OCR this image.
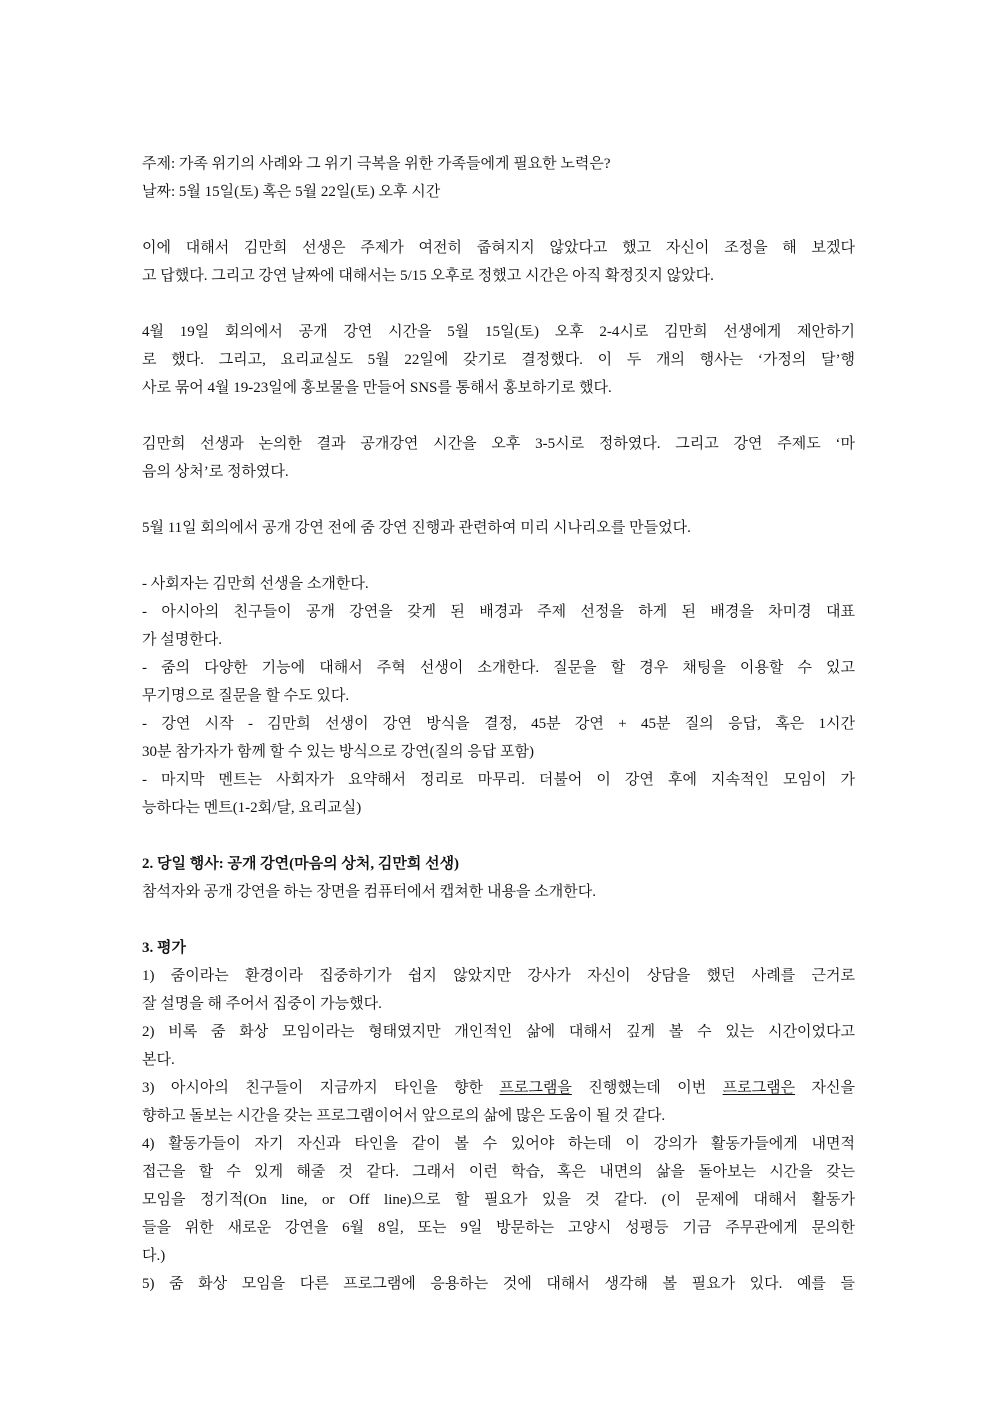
주제: 가족 위기의 사례와 그 위기 극복을 위한 가족들에게 필요한 노력은?
날짜: 5월 15일(토) 혹은 5월 22일(토) 오후 시간
이에 대해서 김만희 선생은 주제가 여전히 줍혀지지 않았다고 했고 자신이 조정을 해 보겠다
고 답했다. 그리고 강연 날짜에 대해서는 5/15 오후로 정했고 시간은 아직 확정짓지 않았다.
4월 19일 회의에서 공개 강연 시간을 5월 15일(토) 오후 2-4시로 김만희 선생에게 제안하기
로 했다. 그리고, 요리교실도 5월 22일에 갖기로 결정했다. 이 두 개의 행사는 ‘가정의 달’행
사로 묶어 4월 19-23일에 홍보물을 만들어 SNS를 통해서 홍보하기로 했다.
김만희 선생과 논의한 결과 공개강연 시간을 오후 3-5시로 정하였다. 그리고 강연 주제도 ‘마
음의 상처’로 정하였다.
5월 11일 회의에서 공개 강연 전에 줌 강연 진행과 관련하여 미리 시나리오를 만들었다.
- 사회자는 김만희 선생을 소개한다.
- 아시아의 친구들이 공개 강연을 갖게 된 배경과 주제 선정을 하게 된 배경을 차미경 대표
가 설명한다.
- 줌의 다양한 기능에 대해서 주혁 선생이 소개한다. 질문을 할 경우 채팅을 이용할 수 있고
무기명으로 질문을 할 수도 있다.
- 강연 시작 - 김만희 선생이 강연 방식을 결정, 45분 강연 + 45분 질의 응답, 혹은 1시간
30분 참가자가 함께 할 수 있는 방식으로 강연(질의 응답 포함)
- 마지막 멘트는 사회자가 요약해서 정리로 마무리. 더불어 이 강연 후에 지속적인 모임이 가
능하다는 멘트(1-2회/달, 요리교실)
2. 당일 행사: 공개 강연(마음의 상처, 김만희 선생)
참석자와 공개 강연을 하는 장면을 컴퓨터에서 캡쳐한 내용을 소개한다.
3. 평가
1) 줌이라는 환경이라 집중하기가 쉽지 않았지만 강사가 자신이 상담을 했던 사례를 근거로
잘 설명을 해 주어서 집중이 가능했다.
2) 비록 줌 화상 모임이라는 형태였지만 개인적인 삶에 대해서 깊게 볼 수 있는 시간이었다고
본다.
3) 아시아의 친구들이 지금까지 타인을 향한 프로그램을 진행했는데 이번 프로그램은 자신을
향하고 돌보는 시간을 갖는 프로그램이어서 앞으로의 삶에 많은 도움이 될 것 같다.
4) 활동가들이 자기 자신과 타인을 같이 볼 수 있어야 하는데 이 강의가 활동가들에게 내면적
접근을 할 수 있게 해줄 것 같다. 그래서 이런 학습, 혹은 내면의 삶을 돌아보는 시간을 갖는
모임을 정기적(On line, or Off line)으로 할 필요가 있을 것 같다. (이 문제에 대해서 활동가
들을 위한 새로운 강연을 6월 8일, 또는 9일 방문하는 고양시 성평등 기금 주무관에게 문의한
다.)
5) 줌 화상 모임을 다른 프로그램에 응용하는 것에 대해서 생각해 볼 필요가 있다. 예를 들
